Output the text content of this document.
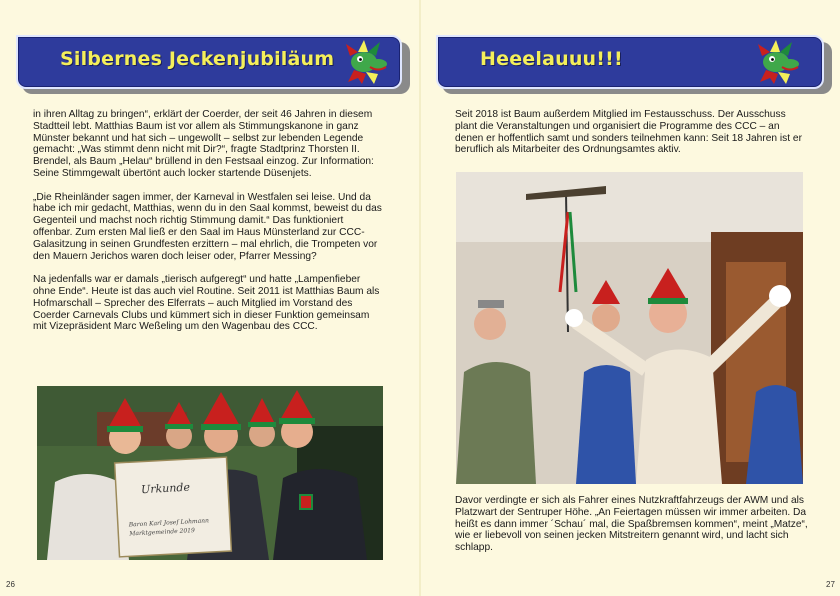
Silbernes Jeckenjubiläum

in ihren Alltag zu bringen“, erklärt der Coerder, der seit 46 Jahren in diesem Stadtteil lebt. Matthias Baum ist vor allem als Stimmungskanone in ganz Münster bekannt und hat sich – ungewollt – selbst zur lebenden Legende gemacht: „Was stimmt denn nicht mit Dir?“, fragte Stadtprinz Thorsten II. Brendel, als Baum „Helau“ brüllend in den Festsaal einzog. Zur Information: Seine Stimmgewalt übertönt auch locker startende Düsenjets.

„Die Rheinländer sagen immer, der Karneval in Westfalen sei leise. Und da habe ich mir gedacht, Matthias, wenn du in den Saal kommst, beweist du das Gegenteil und machst noch richtig Stimmung damit.“ Das funktioniert offenbar. Zum ersten Mal ließ er den Saal im Haus Münsterland zur CCC-Galasitzung in seinen Grundfesten erzittern – mal ehrlich, die Trompeten vor den Mauern Jerichos waren doch leiser oder, Pfarrer Messing?

Na jedenfalls war er damals „tierisch aufgeregt“ und hatte „Lampenfieber ohne Ende“. Heute ist das auch viel Routine. Seit 2011 ist Matthias Baum als Hofmarschall – Sprecher des Elferrats – auch Mitglied im Vorstand des Coerder Carnevals Clubs und kümmert sich in dieser Funktion gemeinsam mit Vizepräsident Marc Weßeling um den Wagenbau des CCC.

Urkunde
Baron Karl Josef Lohmann Marktgemeinde 2019
26
Heeelauuu!!!

Seit 2018 ist Baum außerdem Mitglied im Festausschuss. Der Ausschuss plant die Veranstaltungen und organisiert die Programme des CCC – an denen er hoffentlich samt und sonders teilnehmen kann: Seit 18 Jahren ist er beruflich als Mitarbeiter des Ordnungsamtes aktiv.

Davor verdingte er sich als Fahrer eines Nutzkraftfahrzeugs der AWM und als Platzwart der Sentruper Höhe. „An Feiertagen müssen wir immer arbeiten. Da heißt es dann immer ´Schau´ mal, die Spaßbremsen kommen“, meint „Matze“, wie er liebevoll von seinen jecken Mitstreitern genannt wird, und lacht sich schlapp.

27
